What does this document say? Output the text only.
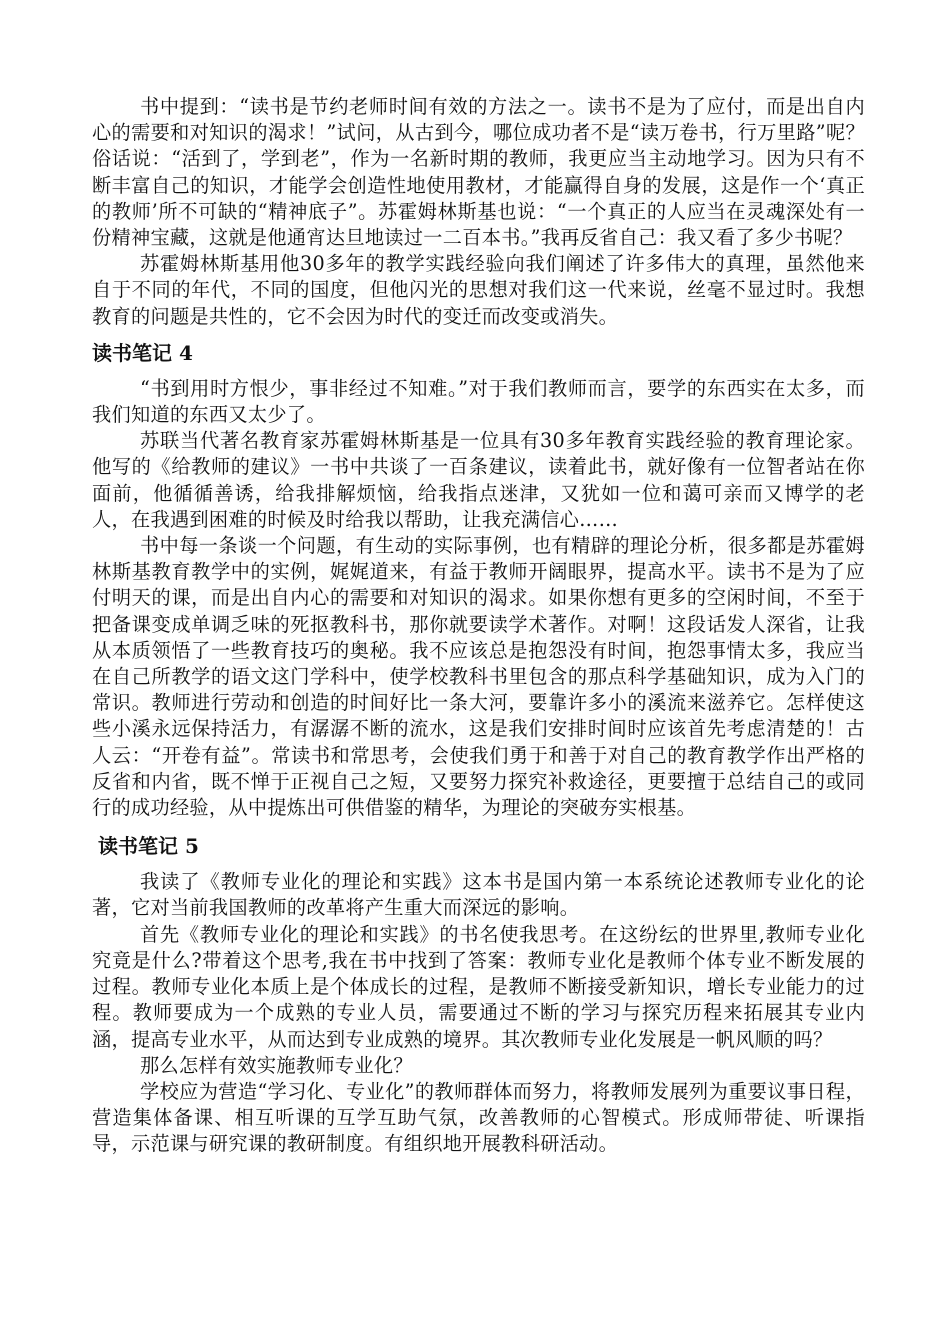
书中提到：“读书是节约老师时间有效的方法之一。读书不是为了应付，而是出自内心的需要和对知识的渴求！”试问，从古到今，哪位成功者不是“读万卷书，行万里路”呢？俗话说：“活到了，学到老”，作为一名新时期的教师，我更应当主动地学习。因为只有不断丰富自己的知识，才能学会创造性地使用教材，才能赢得自身的发展，这是作一个‘真正的教师’所不可缺的“精神底子”。苏霍姆林斯基也说：“一个真正的人应当在灵魂深处有一份精神宝藏，这就是他通宵达旦地读过一二百本书。”我再反省自己：我又看了多少书呢？

苏霍姆林斯基用他30多年的教学实践经验向我们阐述了许多伟大的真理，虽然他来自于不同的年代，不同的国度，但他闪光的思想对我们这一代来说，丝毫不显过时。我想教育的问题是共性的，它不会因为时代的变迁而改变或消失。

读书笔记 4

“书到用时方恨少，事非经过不知难。”对于我们教师而言，要学的东西实在太多，而我们知道的东西又太少了。

苏联当代著名教育家苏霍姆林斯基是一位具有30多年教育实践经验的教育理论家。他写的《给教师的建议》一书中共谈了一百条建议，读着此书，就好像有一位智者站在你面前，他循循善诱，给我排解烦恼，给我指点迷津，又犹如一位和蔼可亲而又博学的老人，在我遇到困难的时候及时给我以帮助，让我充满信心……

书中每一条谈一个问题，有生动的实际事例，也有精辟的理论分析，很多都是苏霍姆林斯基教育教学中的实例，娓娓道来，有益于教师开阔眼界，提高水平。读书不是为了应付明天的课，而是出自内心的需要和对知识的渴求。如果你想有更多的空闲时间，不至于把备课变成单调乏味的死抠教科书，那你就要读学术著作。对啊！这段话发人深省，让我从本质领悟了一些教育技巧的奥秘。我不应该总是抱怨没有时间，抱怨事情太多，我应当在自己所教学的语文这门学科中，使学校教科书里包含的那点科学基础知识，成为入门的常识。教师进行劳动和创造的时间好比一条大河，要靠许多小的溪流来滋养它。怎样使这些小溪永远保持活力，有潺潺不断的流水，这是我们安排时间时应该首先考虑清楚的！古人云：“开卷有益”。常读书和常思考，会使我们勇于和善于对自己的教育教学作出严格的反省和内省，既不惮于正视自己之短，又要努力探究补救途径，更要擅于总结自己的或同行的成功经验，从中提炼出可供借鉴的精华，为理论的突破夯实根基。

读书笔记 5

我读了《教师专业化的理论和实践》这本书是国内第一本系统论述教师专业化的论著，它对当前我国教师的改革将产生重大而深远的影响。

首先《教师专业化的理论和实践》的书名使我思考。在这纷纭的世界里,教师专业化究竟是什么?带着这个思考,我在书中找到了答案：教师专业化是教师个体专业不断发展的过程。教师专业化本质上是个体成长的过程，是教师不断接受新知识，增长专业能力的过程。教师要成为一个成熟的专业人员，需要通过不断的学习与探究历程来拓展其专业内涵，提高专业水平，从而达到专业成熟的境界。其次教师专业化发展是一帆风顺的吗？

那么怎样有效实施教师专业化？

学校应为营造“学习化、专业化”的教师群体而努力，将教师发展列为重要议事日程，营造集体备课、相互听课的互学互助气氛，改善教师的心智模式。形成师带徒、听课指导，示范课与研究课的教研制度。有组织地开展教科研活动。
